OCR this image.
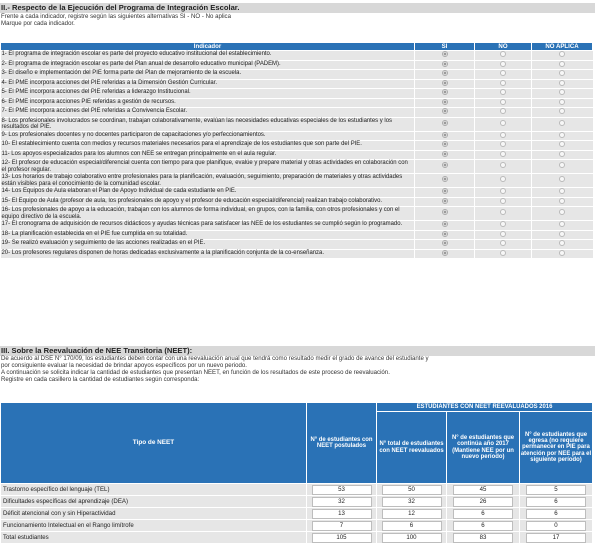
II.- Respecto de la Ejecución del Programa de Integración Escolar.
Frente a cada indicador, registre según las siguientes alternativas SI - NO - No aplica
Marque por cada indicador.
Indicador	SI	NO	NO APLICA
1- El programa de integración escolar es parte del proyecto educativo institucional del establecimiento.			
2- El programa de integración escolar es parte del Plan anual de desarrollo educativo municipal (PADEM).			
3- El diseño e implementación del PIE forma parte del Plan de mejoramiento de la escuela.			
4- El PME incorpora acciones del PIE referidas a la Dimensión Gestión Curricular.			
5- El PME incorpora acciones del PIE referidas a liderazgo Institucional.			
6- El PME incorpora acciones PIE referidas a gestión de recursos.			
7- El PME incorpora acciones del PIE referidas a Convivencia Escolar.			
8- Los profesionales involucrados se coordinan, trabajan colaborativamente, evalúan las necesidades educativas especiales de los estudiantes y los resultados del PIE.			
9- Los profesionales docentes y no docentes participaron de capacitaciones y/o perfeccionamientos.			
10- El establecimiento cuenta con medios y recursos materiales necesarios para el aprendizaje de los estudiantes que son parte del PIE.			
11- Los apoyos especializados para los alumnos con NEE se entregan principalmente en el aula regular.			
12- El profesor de educación especial/diferencial cuenta con tiempo para que planifique, evalúe y prepare material y otras actividades en colaboración con el profesor regular.			
13- Los horarios de trabajo colaborativo entre profesionales para la planificación, evaluación, seguimiento, preparación de materiales y otras actividades están visibles para el conocimiento de la comunidad escolar.			
14- Los Equipos de Aula elaboran el Plan de Apoyo Individual de cada estudiante en PIE.			
15- El Equipo de Aula (profesor de aula, los profesionales de apoyo y el profesor de educación especial/diferencial) realizan trabajo colaborativo.			
16- Los profesionales de apoyo a la educación, trabajan con los alumnos de forma individual, en grupos, con la familia, con otros profesionales y con el equipo directivo de la escuela.			
17- El cronograma de adquisición de recursos didácticos y ayudas técnicas para satisfacer las NEE de los estudiantes se cumplió según lo programado.			
18- La planificación establecida en el PIE fue cumplida en su totalidad.			
19- Se realizó evaluación y seguimiento de las acciones realizadas en el PIE.			
20- Los profesores regulares disponen de horas dedicadas exclusivamente a la planificación conjunta de la co-enseñanza.			
III. Sobre la Reevaluación de NEE Transitoria (NEET):
De acuerdo al DSE N° 170/09, los estudiantes deben contar con una reevaluación anual que tendrá como resultado medir el grado de avance del estudiante y
por consiguiente evaluar la necesidad de brindar apoyos específicos por un nuevo periodo.
A continuación se solicita indicar la cantidad de estudiantes que presentan NEET, en función de los resultados de este proceso de reevaluación.
Registre en cada casillero la cantidad de estudiantes según corresponda:
Tipo de NEET	N° de estudiantes con NEET postulados	ESTUDIANTES CON NEET REEVALUADOS 2016		
		N° total de estudiantes con NEET reevaluados	N° de estudiantes que continúa año 2017 (Mantiene NEE por un nuevo período)	N° de estudiantes que egresa (no requiere permanecer en PIE para atención por NEE para el siguiente período)
Trastorno específico del lenguaje (TEL)	53	50	45	5
Dificultades específicas del aprendizaje (DEA)	32	32	26	6
Déficit atencional con y sin Hiperactividad	13	12	6	6
Funcionamiento Intelectual en el Rango limítrofe	7	6	6	0
Total estudiantes	105	100	83	17
